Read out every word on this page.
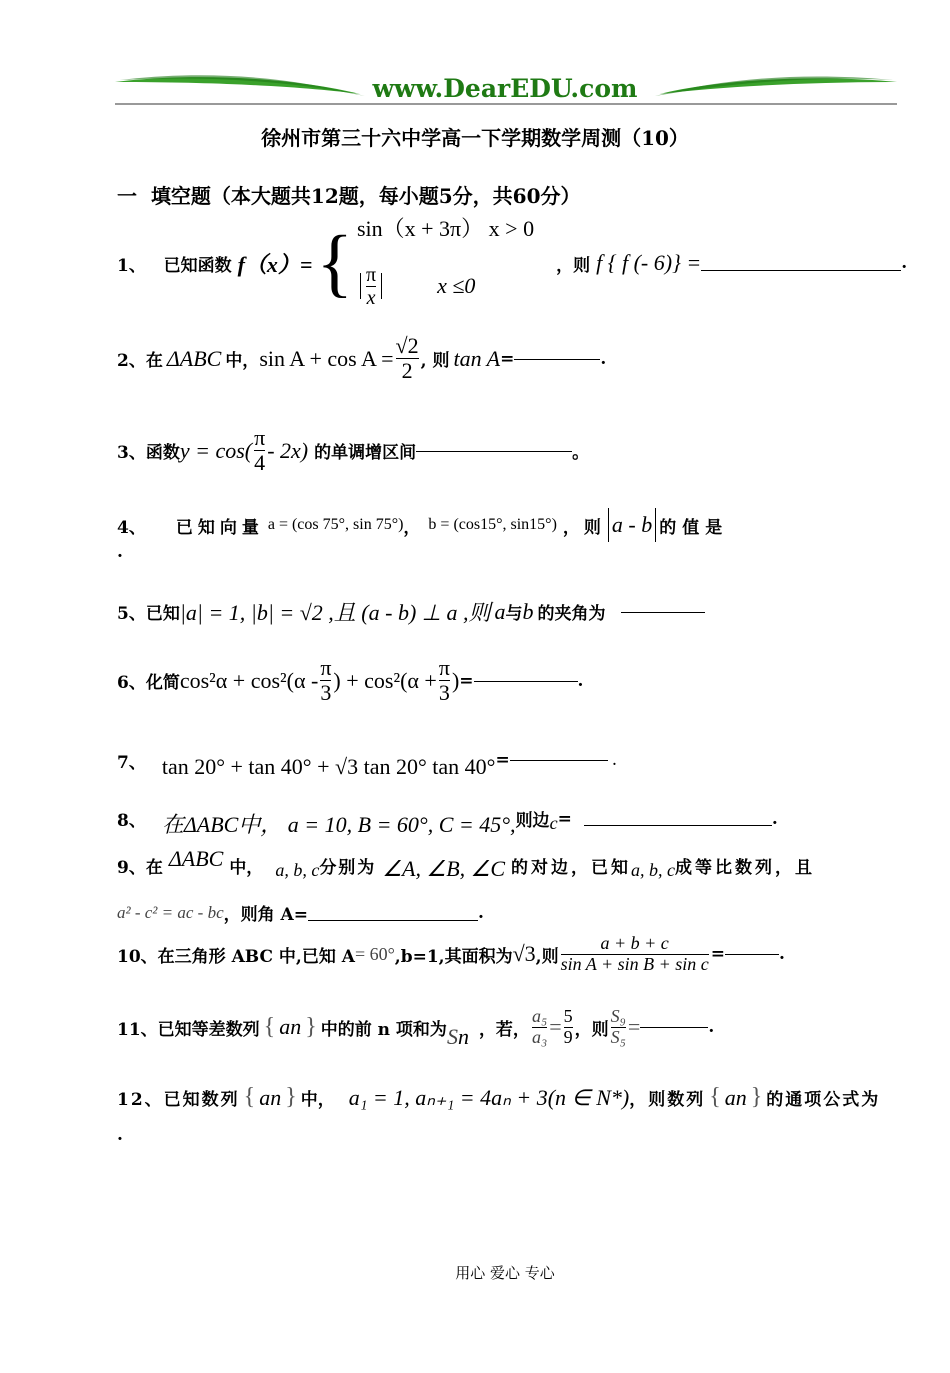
www.DearEDU.com
徐州市第三十六中学高一下学期数学周测（10）
一 填空题（本大题共12题，每小题5分，共60分）
1、
已知函数 f（x）= { sin（x + 3π） x > 0
$\frac{\pi}{x}$	x ≤0
，则 f { f (- 6)} =	.
2、在 ΔABC 中， $\sin A + \cos A = \frac{√2}{2}$ , 则 tan A =	.
3、函数 $y = \cos( \frac{\pi}{4} - 2x)$ 的单调增区间	。
4、 已知向量 a = (cos 75°, sin 75°) ， b = (cos15°, sin15°) ，则 a - b 的值是
.
5、已知 |a| = 1, |b| = √2 ,且 (a - b) ⊥ a ,则 a 与 b 的夹角为
6、化简 $\cos^2\alpha + \cos^2(\alpha - \frac{\pi}{3}$ ) + $\cos^2(\alpha + \frac{\pi}{3}$ ) =	.
7、 tan 20° + tan 40° + √3 tan 20° tan 40° =	.
8、 在ΔABC中， a = 10, B = 60°, C = 45°, 则边 c =	.
9、在 ΔABC 中， a, b, c 分别为 ∠A, ∠B, ∠C 的对边，已知 a, b, c 成等比数列，且
a² - c² = ac - bc ，则角 A=	.
10、在三角形 ABC 中,已知 A = 60° ,b=1,其面积为 √3 ,则 $\frac{a + b + c}{\text{sin A + sin B + sin c}}$ =	.
11、已知等差数列 { a n } 中的前 n 项和为 S n ，若， $\frac{\text{a₅}}{\text{a₃}} = \frac{5}{9}$ ，则 $\frac{\text{S₉}}{\text{S₅}}$ =	.
12、已知数列 { a n } 中， a₁ = 1, aₙ₊₁ = 4aₙ + 3(n ∈ N*) ，则数列 { a n } 的通项公式为
.
用心 爱心 专心
